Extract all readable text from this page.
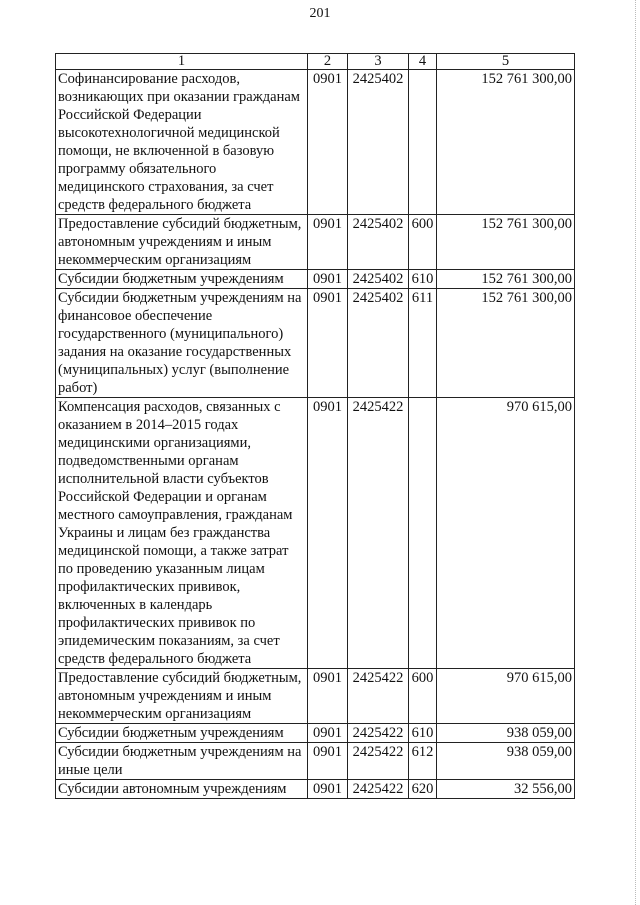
201
1	2	3	4	5
Софинансирование расходов, возникающих при оказании гражданам Российской Федерации высокотехнологичной медицинской помощи, не включенной в базовую программу обязательного медицинского страхования, за счет средств федерального бюджета	0901	2425402		152 761 300,00
Предоставление субсидий бюджетным, автономным учреждениям и иным некоммерческим организациям	0901	2425402	600	152 761 300,00
Субсидии бюджетным учреждениям	0901	2425402	610	152 761 300,00
Субсидии бюджетным учреждениям на финансовое обеспечение государственного (муниципального) задания на оказание государственных (муниципальных) услуг (выполнение работ)	0901	2425402	611	152 761 300,00
Компенсация расходов, связанных с оказанием в 2014–2015 годах медицинскими организациями, подведомственными органам исполнительной власти субъектов Российской Федерации и органам местного самоуправления, гражданам Украины и лицам без гражданства медицинской помощи, а также затрат по проведению указанным лицам профилактических прививок, включенных в календарь профилактических прививок по эпидемическим показаниям, за счет средств федерального бюджета	0901	2425422		970 615,00
Предоставление субсидий бюджетным, автономным учреждениям и иным некоммерческим организациям	0901	2425422	600	970 615,00
Субсидии бюджетным учреждениям	0901	2425422	610	938 059,00
Субсидии бюджетным учреждениям на иные цели	0901	2425422	612	938 059,00
Субсидии автономным учреждениям	0901	2425422	620	32 556,00
